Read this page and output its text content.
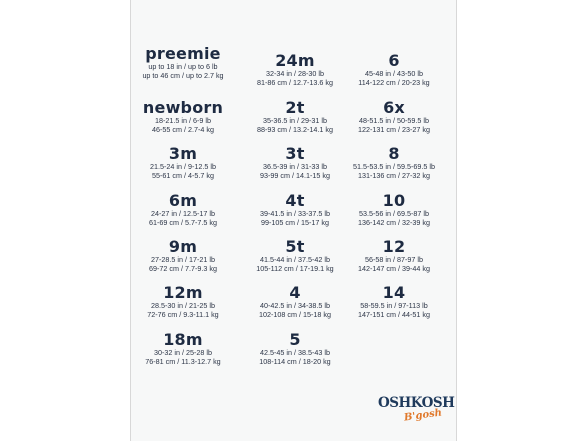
preemie
up to 18 in / up to 6 lb
up to 46 cm / up to 2.7 kg
newborn
18-21.5 in / 6-9 lb
46-55 cm / 2.7-4 kg
3m
21.5-24 in / 9-12.5 lb
55-61 cm / 4-5.7 kg
6m
24-27 in / 12.5-17 lb
61-69 cm / 5.7-7.5 kg
9m
27-28.5 in / 17-21 lb
69-72 cm / 7.7-9.3 kg
12m
28.5-30 in / 21-25 lb
72-76 cm / 9.3-11.1 kg
18m
30-32 in / 25-28 lb
76-81 cm / 11.3-12.7 kg
24m
32-34 in / 28-30 lb
81-86 cm / 12.7-13.6 kg
2t
35-36.5 in / 29-31 lb
88-93 cm / 13.2-14.1 kg
3t
36.5-39 in / 31-33 lb
93-99 cm / 14.1-15 kg
4t
39-41.5 in / 33-37.5 lb
99-105 cm / 15-17 kg
5t
41.5-44 in / 37.5-42 lb
105-112 cm / 17-19.1 kg
4
40-42.5 in / 34-38.5 lb
102-108 cm / 15-18 kg
5
42.5-45 in / 38.5-43 lb
108-114 cm / 18-20 kg
6
45-48 in / 43-50 lb
114-122 cm / 20-23 kg
6x
48-51.5 in / 50-59.5 lb
122-131 cm / 23-27 kg
8
51.5-53.5 in / 59.5-69.5 lb
131-136 cm / 27-32 kg
10
53.5-56 in / 69.5-87 lb
136-142 cm / 32-39 kg
12
56-58 in / 87-97 lb
142-147 cm / 39-44 kg
14
58-59.5 in / 97-113 lb
147-151 cm / 44-51 kg
OSHKOSH
B'gosh
